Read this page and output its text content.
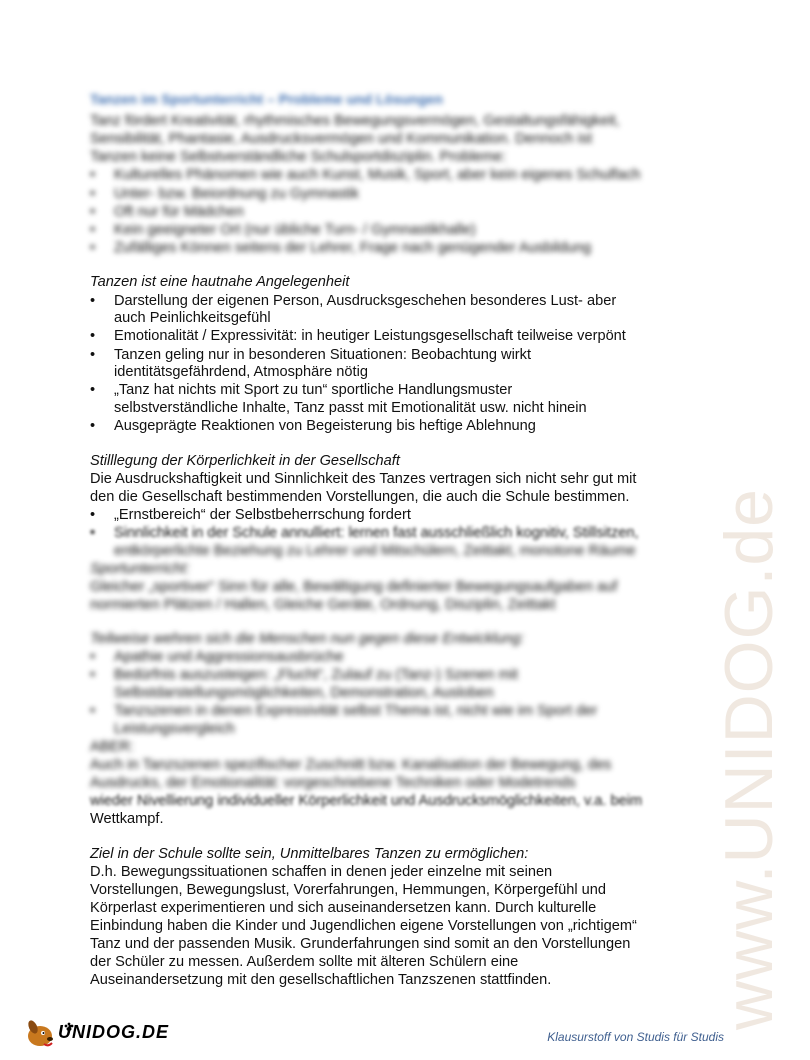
www.UNIDOG.de
Tanzen im Sportunterricht – Probleme und Lösungen
Tanz fördert Kreativität, rhythmisches Bewegungsvermögen, Gestaltungsfähigkeit,
Sensibilität, Phantasie, Ausdrucksvermögen und Kommunikation. Dennoch ist
Tanzen keine Selbstverständliche Schulsportdisziplin. Probleme:
• Kulturelles Phänomen wie auch Kunst, Musik, Sport, aber kein eigenes Schulfach
• Unter- bzw. Beiordnung zu Gymnastik
• Oft nur für Mädchen
• Kein geeigneter Ort (nur übliche Turn- / Gymnastikhalle)
• Zufälliges Können seitens der Lehrer, Frage nach genügender Ausbildung
Tanzen ist eine hautnahe Angelegenheit
• Darstellung der eigenen Person, Ausdrucksgeschehen besonderes Lust- aber
auch Peinlichkeitsgefühl
• Emotionalität / Expressivität: in heutiger Leistungsgesellschaft teilweise verpönt
• Tanzen geling nur in besonderen Situationen: Beobachtung wirkt
identitätsgefährdend, Atmosphäre nötig
• „Tanz hat nichts mit Sport zu tun“ sportliche Handlungsmuster
selbstverständliche Inhalte, Tanz passt mit Emotionalität usw. nicht hinein
• Ausgeprägte Reaktionen von Begeisterung bis heftige Ablehnung
Stilllegung der Körperlichkeit in der Gesellschaft
Die Ausdruckshaftigkeit und Sinnlichkeit des Tanzes vertragen sich nicht sehr gut mit
den die Gesellschaft bestimmenden Vorstellungen, die auch die Schule bestimmen.
• „Ernstbereich“ der Selbstbeherrschung fordert
• Sinnlichkeit in der Schule annulliert: lernen fast ausschließlich kognitiv, Stillsitzen,
entkörperlichte Beziehung zu Lehrer und Mitschülern, Zeittakt, monotone Räume
Sportunterricht:
Gleicher „sportiver“ Sinn für alle, Bewältigung definierter Bewegungsaufgaben auf
normierten Plätzen / Hallen, Gleiche Geräte, Ordnung, Disziplin, Zeittakt
Teilweise wehren sich die Menschen nun gegen diese Entwicklung:
• Apathie und Aggressionsausbrüche
• Bedürfnis auszusteigen: „Flucht“, Zulauf zu (Tanz-) Szenen mit
Selbstdarstellungsmöglichkeiten, Demonstration, Ausloben
• Tanzszenen in denen Expressivität selbst Thema ist, nicht wie im Sport der
Leistungsvergleich
ABER:
Auch in Tanzszenen spezifischer Zuschnitt bzw. Kanalisation der Bewegung, des
Ausdrucks, der Emotionalität: vorgeschriebene Techniken oder Modetrends
wieder Nivellierung individueller Körperlichkeit und Ausdrucksmöglichkeiten, v.a. beim
Wettkampf.
Ziel in der Schule sollte sein, Unmittelbares Tanzen zu ermöglichen:
D.h. Bewegungssituationen schaffen in denen jeder einzelne mit seinen
Vorstellungen, Bewegungslust, Vorerfahrungen, Hemmungen, Körpergefühl und
Körperlast experimentieren und sich auseinandersetzen kann. Durch kulturelle
Einbindung haben die Kinder und Jugendlichen eigene Vorstellungen von „richtigem“
Tanz und der passenden Musik. Grunderfahrungen sind somit an den Vorstellungen
der Schüler zu messen. Außerdem sollte mit älteren Schülern eine
Auseinandersetzung mit den gesellschaftlichen Tanzszenen stattfinden.
UNIDOG.DE	Klausurstoff von Studis für Studis
